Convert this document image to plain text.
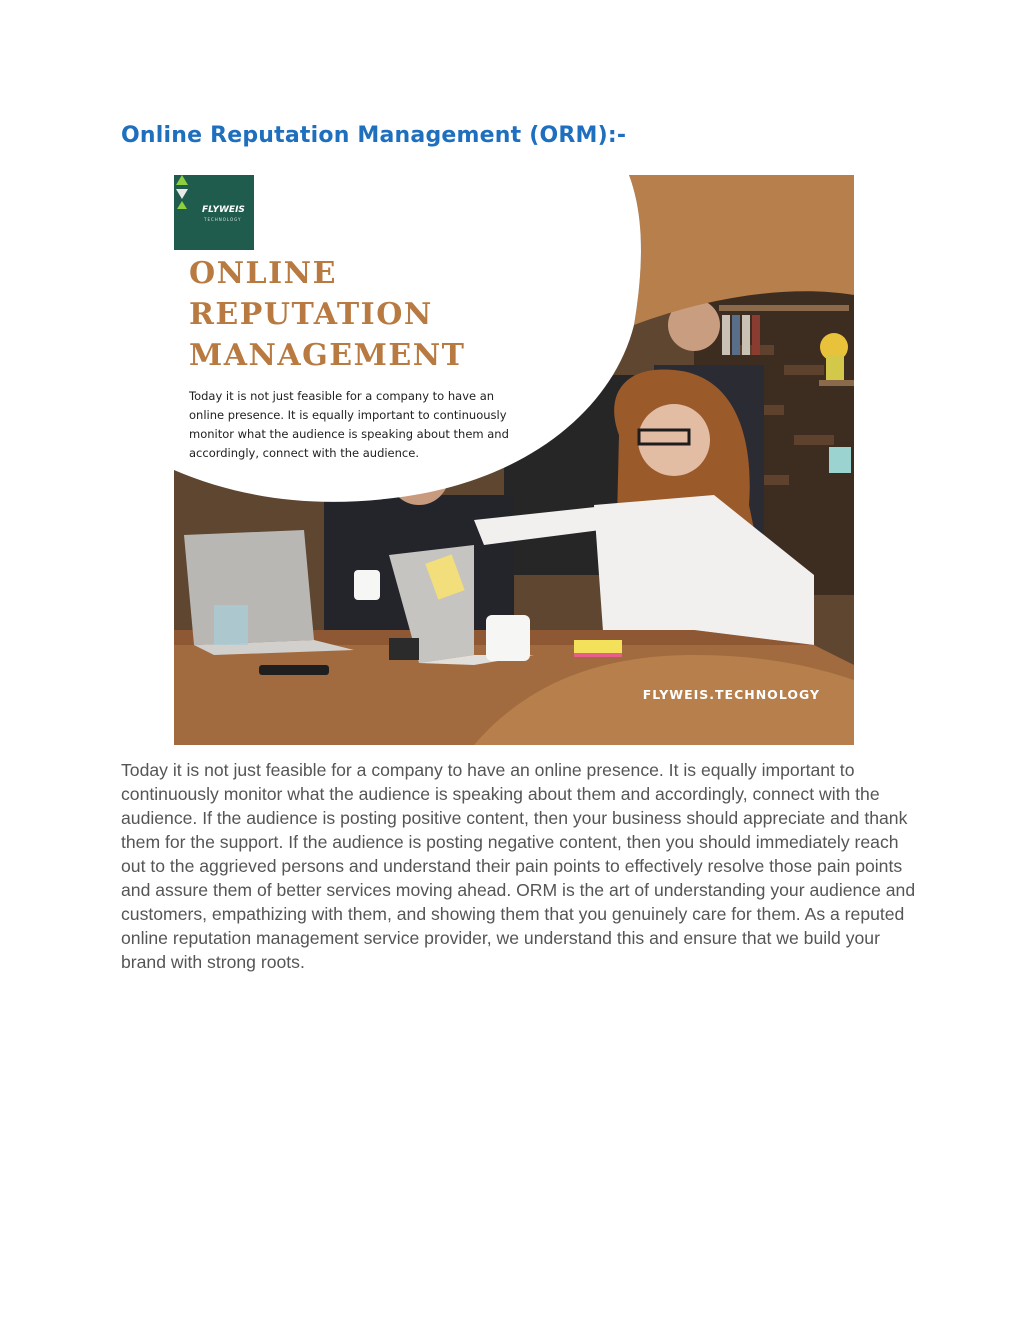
Online Reputation Management (ORM):-
FLYWEIS
TECHNOLOGY
ONLINE
REPUTATION
MANAGEMENT
Today it is not just feasible for a company to have an online presence. It is equally important to continuously monitor what the audience is speaking about them and accordingly, connect with the audience.
FLYWEIS.TECHNOLOGY

Today it is not just feasible for a company to have an online presence. It is equally important to continuously monitor what the audience is speaking about them and accordingly, connect with the audience. If the audience is posting positive content, then your business should appreciate and thank them for the support. If the audience is posting negative content, then you should immediately reach out to the aggrieved persons and understand their pain points to effectively resolve those pain points and assure them of better services moving ahead. ORM is the art of understanding your audience and customers, empathizing with them, and showing them that you genuinely care for them. As a reputed online reputation management service provider, we understand this and ensure that we build your brand with strong roots.
